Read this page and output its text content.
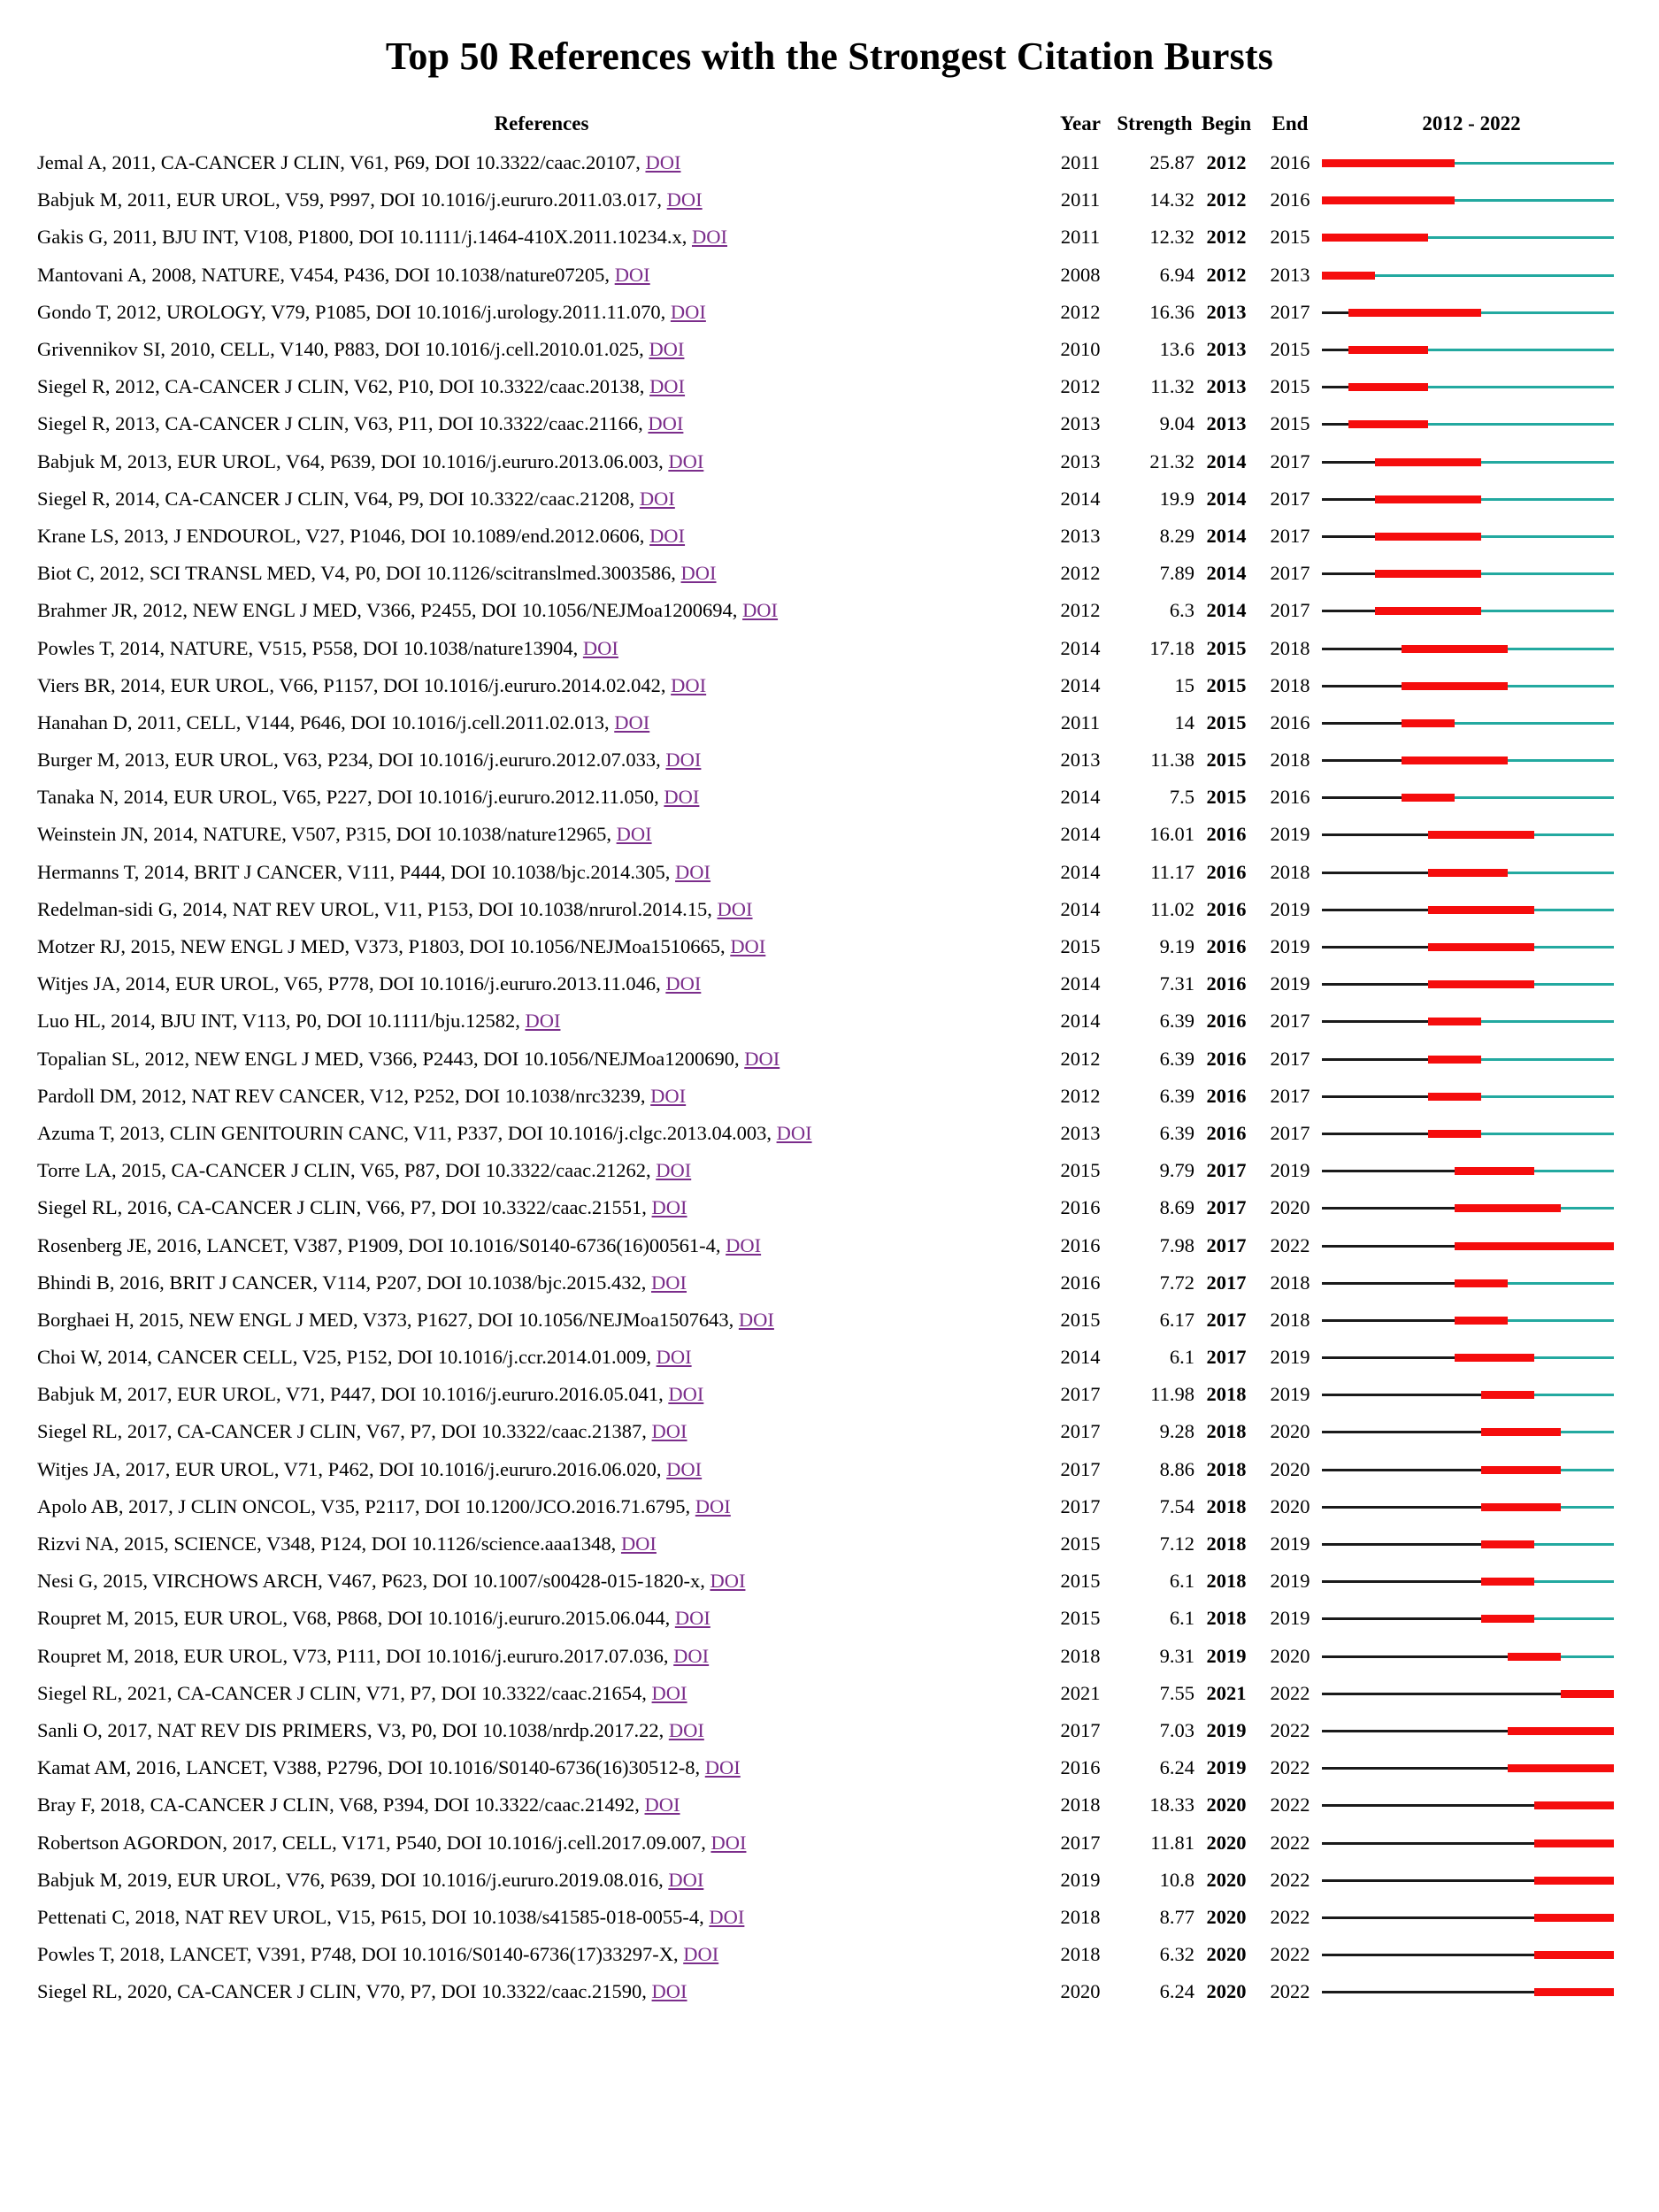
Top 50 References with the Strongest Citation Bursts
References	Year	Strength	Begin	End	2012 - 2022
Jemal A, 2011, CA-CANCER J CLIN, V61, P69, DOI 10.3322/caac.20107, DOI	2011	25.87	2012	2016	

Babjuk M, 2011, EUR UROL, V59, P997, DOI 10.1016/j.eururo.2011.03.017, DOI	2011	14.32	2012	2016	

Gakis G, 2011, BJU INT, V108, P1800, DOI 10.1111/j.1464-410X.2011.10234.x, DOI	2011	12.32	2012	2015	

Mantovani A, 2008, NATURE, V454, P436, DOI 10.1038/nature07205, DOI	2008	6.94	2012	2013	

Gondo T, 2012, UROLOGY, V79, P1085, DOI 10.1016/j.urology.2011.11.070, DOI	2012	16.36	2013	2017	

Grivennikov SI, 2010, CELL, V140, P883, DOI 10.1016/j.cell.2010.01.025, DOI	2010	13.6	2013	2015	

Siegel R, 2012, CA-CANCER J CLIN, V62, P10, DOI 10.3322/caac.20138, DOI	2012	11.32	2013	2015	

Siegel R, 2013, CA-CANCER J CLIN, V63, P11, DOI 10.3322/caac.21166, DOI	2013	9.04	2013	2015	

Babjuk M, 2013, EUR UROL, V64, P639, DOI 10.1016/j.eururo.2013.06.003, DOI	2013	21.32	2014	2017	

Siegel R, 2014, CA-CANCER J CLIN, V64, P9, DOI 10.3322/caac.21208, DOI	2014	19.9	2014	2017	

Krane LS, 2013, J ENDOUROL, V27, P1046, DOI 10.1089/end.2012.0606, DOI	2013	8.29	2014	2017	

Biot C, 2012, SCI TRANSL MED, V4, P0, DOI 10.1126/scitranslmed.3003586, DOI	2012	7.89	2014	2017	

Brahmer JR, 2012, NEW ENGL J MED, V366, P2455, DOI 10.1056/NEJMoa1200694, DOI	2012	6.3	2014	2017	

Powles T, 2014, NATURE, V515, P558, DOI 10.1038/nature13904, DOI	2014	17.18	2015	2018	

Viers BR, 2014, EUR UROL, V66, P1157, DOI 10.1016/j.eururo.2014.02.042, DOI	2014	15	2015	2018	

Hanahan D, 2011, CELL, V144, P646, DOI 10.1016/j.cell.2011.02.013, DOI	2011	14	2015	2016	

Burger M, 2013, EUR UROL, V63, P234, DOI 10.1016/j.eururo.2012.07.033, DOI	2013	11.38	2015	2018	

Tanaka N, 2014, EUR UROL, V65, P227, DOI 10.1016/j.eururo.2012.11.050, DOI	2014	7.5	2015	2016	

Weinstein JN, 2014, NATURE, V507, P315, DOI 10.1038/nature12965, DOI	2014	16.01	2016	2019	

Hermanns T, 2014, BRIT J CANCER, V111, P444, DOI 10.1038/bjc.2014.305, DOI	2014	11.17	2016	2018	

Redelman-sidi G, 2014, NAT REV UROL, V11, P153, DOI 10.1038/nrurol.2014.15, DOI	2014	11.02	2016	2019	

Motzer RJ, 2015, NEW ENGL J MED, V373, P1803, DOI 10.1056/NEJMoa1510665, DOI	2015	9.19	2016	2019	

Witjes JA, 2014, EUR UROL, V65, P778, DOI 10.1016/j.eururo.2013.11.046, DOI	2014	7.31	2016	2019	

Luo HL, 2014, BJU INT, V113, P0, DOI 10.1111/bju.12582, DOI	2014	6.39	2016	2017	

Topalian SL, 2012, NEW ENGL J MED, V366, P2443, DOI 10.1056/NEJMoa1200690, DOI	2012	6.39	2016	2017	

Pardoll DM, 2012, NAT REV CANCER, V12, P252, DOI 10.1038/nrc3239, DOI	2012	6.39	2016	2017	

Azuma T, 2013, CLIN GENITOURIN CANC, V11, P337, DOI 10.1016/j.clgc.2013.04.003, DOI	2013	6.39	2016	2017	

Torre LA, 2015, CA-CANCER J CLIN, V65, P87, DOI 10.3322/caac.21262, DOI	2015	9.79	2017	2019	

Siegel RL, 2016, CA-CANCER J CLIN, V66, P7, DOI 10.3322/caac.21551, DOI	2016	8.69	2017	2020	

Rosenberg JE, 2016, LANCET, V387, P1909, DOI 10.1016/S0140-6736(16)00561-4, DOI	2016	7.98	2017	2022	

Bhindi B, 2016, BRIT J CANCER, V114, P207, DOI 10.1038/bjc.2015.432, DOI	2016	7.72	2017	2018	

Borghaei H, 2015, NEW ENGL J MED, V373, P1627, DOI 10.1056/NEJMoa1507643, DOI	2015	6.17	2017	2018	

Choi W, 2014, CANCER CELL, V25, P152, DOI 10.1016/j.ccr.2014.01.009, DOI	2014	6.1	2017	2019	

Babjuk M, 2017, EUR UROL, V71, P447, DOI 10.1016/j.eururo.2016.05.041, DOI	2017	11.98	2018	2019	

Siegel RL, 2017, CA-CANCER J CLIN, V67, P7, DOI 10.3322/caac.21387, DOI	2017	9.28	2018	2020	

Witjes JA, 2017, EUR UROL, V71, P462, DOI 10.1016/j.eururo.2016.06.020, DOI	2017	8.86	2018	2020	

Apolo AB, 2017, J CLIN ONCOL, V35, P2117, DOI 10.1200/JCO.2016.71.6795, DOI	2017	7.54	2018	2020	

Rizvi NA, 2015, SCIENCE, V348, P124, DOI 10.1126/science.aaa1348, DOI	2015	7.12	2018	2019	

Nesi G, 2015, VIRCHOWS ARCH, V467, P623, DOI 10.1007/s00428-015-1820-x, DOI	2015	6.1	2018	2019	

Roupret M, 2015, EUR UROL, V68, P868, DOI 10.1016/j.eururo.2015.06.044, DOI	2015	6.1	2018	2019	

Roupret M, 2018, EUR UROL, V73, P111, DOI 10.1016/j.eururo.2017.07.036, DOI	2018	9.31	2019	2020	

Siegel RL, 2021, CA-CANCER J CLIN, V71, P7, DOI 10.3322/caac.21654, DOI	2021	7.55	2021	2022	

Sanli O, 2017, NAT REV DIS PRIMERS, V3, P0, DOI 10.1038/nrdp.2017.22, DOI	2017	7.03	2019	2022	

Kamat AM, 2016, LANCET, V388, P2796, DOI 10.1016/S0140-6736(16)30512-8, DOI	2016	6.24	2019	2022	

Bray F, 2018, CA-CANCER J CLIN, V68, P394, DOI 10.3322/caac.21492, DOI	2018	18.33	2020	2022	

Robertson AGORDON, 2017, CELL, V171, P540, DOI 10.1016/j.cell.2017.09.007, DOI	2017	11.81	2020	2022	

Babjuk M, 2019, EUR UROL, V76, P639, DOI 10.1016/j.eururo.2019.08.016, DOI	2019	10.8	2020	2022	

Pettenati C, 2018, NAT REV UROL, V15, P615, DOI 10.1038/s41585-018-0055-4, DOI	2018	8.77	2020	2022	

Powles T, 2018, LANCET, V391, P748, DOI 10.1016/S0140-6736(17)33297-X, DOI	2018	6.32	2020	2022	

Siegel RL, 2020, CA-CANCER J CLIN, V70, P7, DOI 10.3322/caac.21590, DOI	2020	6.24	2020	2022	
